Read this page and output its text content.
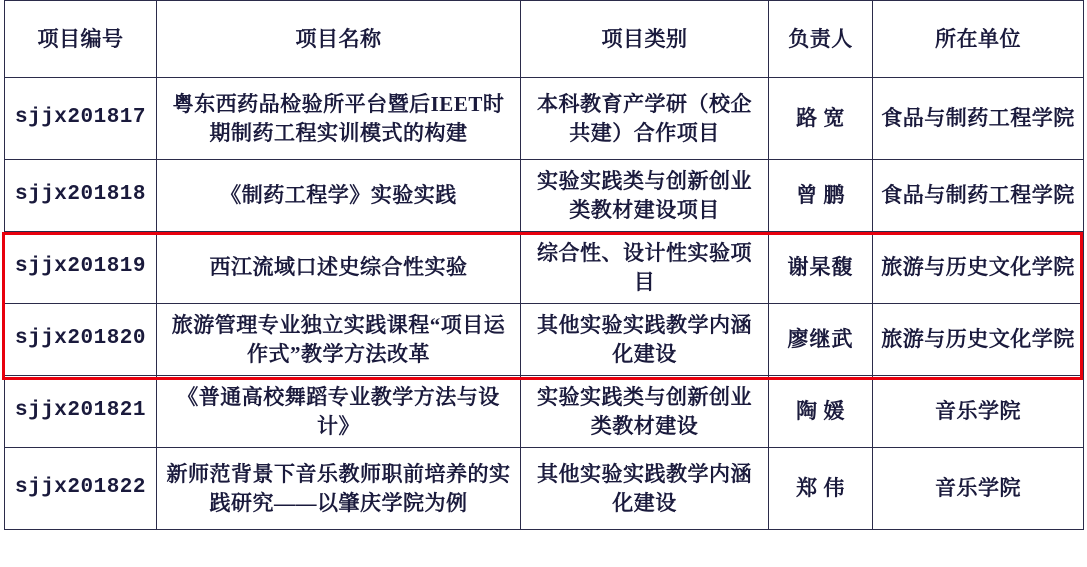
项目编号	项目名称	项目类别	负责人	所在单位
sjjx201817	粤东西药品检验所平台暨后IEET时期制药工程实训模式的构建	本科教育产学研（校企共建）合作项目	路 宽	食品与制药工程学院
sjjx201818	《制药工程学》实验实践	实验实践类与创新创业类教材建设项目	曾 鹏	食品与制药工程学院
sjjx201819	西江流域口述史综合性实验	综合性、设计性实验项目	谢杲馥	旅游与历史文化学院
sjjx201820	旅游管理专业独立实践课程“项目运作式”教学方法改革	其他实验实践教学内涵化建设	廖继武	旅游与历史文化学院
sjjx201821	《普通高校舞蹈专业教学方法与设计》	实验实践类与创新创业类教材建设	陶 媛	音乐学院
sjjx201822	新师范背景下音乐教师职前培养的实践研究——以肇庆学院为例	其他实验实践教学内涵化建设	郑 伟	音乐学院
